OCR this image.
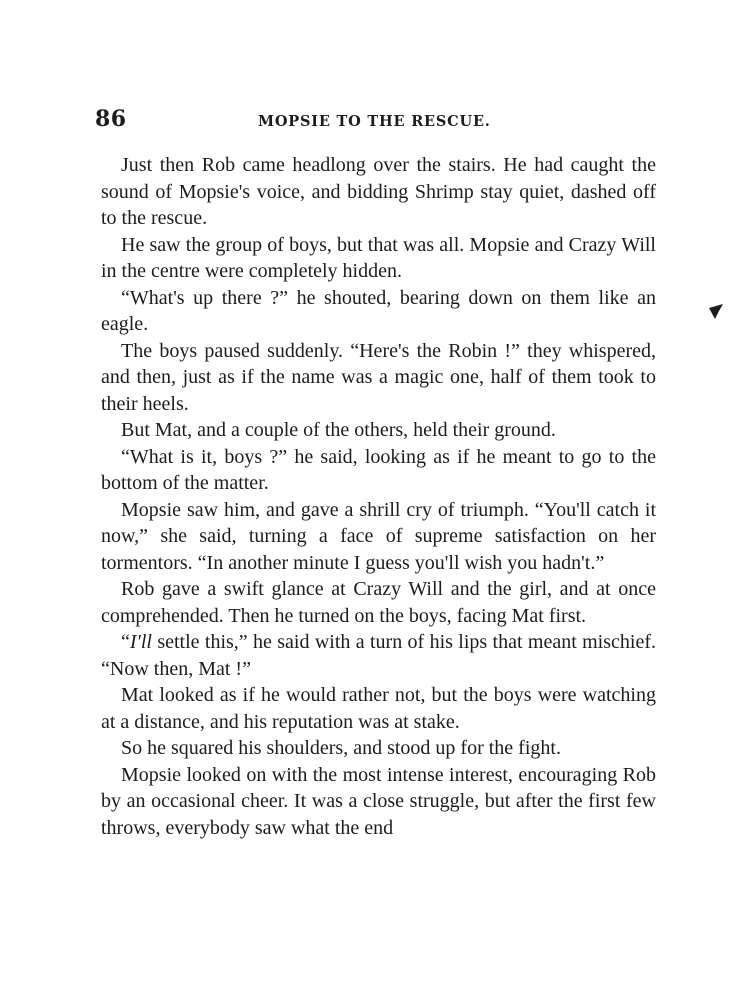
86	MOPSIE TO THE RESCUE.

Just then Rob came headlong over the stairs. He had caught the sound of Mopsie's voice, and bidding Shrimp stay quiet, dashed off to the rescue.

He saw the group of boys, but that was all. Mopsie and Crazy Will in the centre were completely hidden.

“What's up there ?” he shouted, bearing down on them like an eagle.

The boys paused suddenly. “Here's the Robin !” they whispered, and then, just as if the name was a magic one, half of them took to their heels.

But Mat, and a couple of the others, held their ground.

“What is it, boys ?” he said, looking as if he meant to go to the bottom of the matter.

Mopsie saw him, and gave a shrill cry of triumph. “You'll catch it now,” she said, turning a face of supreme satisfaction on her tormentors. “In another minute I guess you'll wish you hadn't.”

Rob gave a swift glance at Crazy Will and the girl, and at once comprehended. Then he turned on the boys, facing Mat first.

“I'll settle this,” he said with a turn of his lips that meant mischief. “Now then, Mat !”

Mat looked as if he would rather not, but the boys were watching at a distance, and his reputation was at stake.

So he squared his shoulders, and stood up for the fight.

Mopsie looked on with the most intense interest, encouraging Rob by an occasional cheer. It was a close struggle, but after the first few throws, everybody saw what the end
